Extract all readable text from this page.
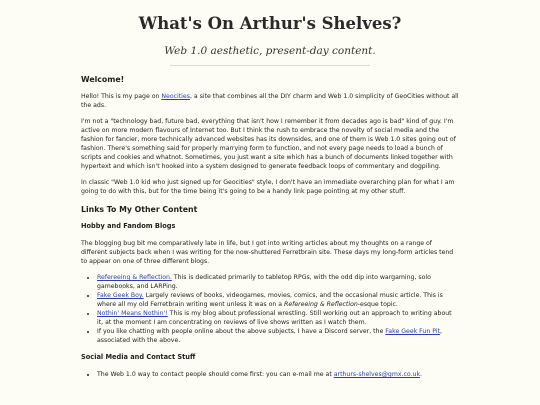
What's On Arthur's Shelves?

Web 1.0 aesthetic, present-day content.

Welcome!

Hello! This is my page on Neocities, a site that combines all the DIY charm and Web 1.0 simplicity of GeoCities without all the ads.

I'm not a "technology bad, future bad, everything that isn't how I remember it from decades ago is bad" kind of guy. I'm active on more modern flavours of Internet too. But I think the rush to embrace the novelty of social media and the fashion for fancier, more technically advanced websites has its downsides, and one of them is Web 1.0 sites going out of fashion. There's something said for properly marrying form to function, and not every page needs to load a bunch of scripts and cookies and whatnot. Sometimes, you just want a site which has a bunch of documents linked together with hypertext and which isn't hooked into a system designed to generate feedback loops of commentary and dogpiling.

In classic "Web 1.0 kid who just signed up for Geocities" style, I don't have an immediate overarching plan for what I am going to do with this, but for the time being it's going to be a handy link page pointing at my other stuff.

Links To My Other Content
Hobby and Fandom Blogs

The blogging bug bit me comparatively late in life, but I got into writing articles about my thoughts on a range of different subjects back when I was writing for the now-shuttered Ferretbrain site. These days my long-form articles tend to appear on one of three different blogs.

• Refereeing & Reflection. This is dedicated primarily to tabletop RPGs, with the odd dip into wargaming, solo gamebooks, and LARPing.
• Fake Geek Boy. Largely reviews of books, videogames, movies, comics, and the occasional music article. This is where all my old Ferretbrain writing went unless it was on a Refereeing & Reflection-esque topic.
• Nothin' Means Nothin'! This is my blog about professional wrestling. Still working out an approach to writing about it, at the moment I am concentrating on reviews of live shows written as I watch them.
• If you like chatting with people online about the above subjects, I have a Discord server, the Fake Geek Fun Pit, associated with the above.
Social Media and Contact Stuff
• The Web 1.0 way to contact people should come first: you can e-mail me at arthurs-shelves@gmx.co.uk.
